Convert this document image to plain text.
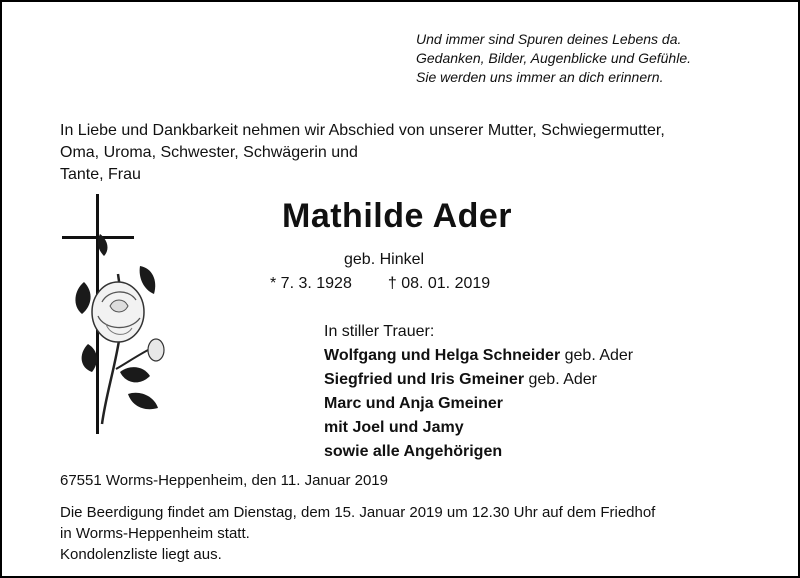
Und immer sind Spuren deines Lebens da.
Gedanken, Bilder, Augenblicke und Gefühle.
Sie werden uns immer an dich erinnern.
In Liebe und Dankbarkeit nehmen wir Abschied von unserer Mutter, Schwiegermutter,
Oma, Uroma, Schwester, Schwägerin und
Tante, Frau
Mathilde Ader
geb. Hinkel
* 7. 3. 1928 † 08. 01. 2019
In stiller Trauer:
Wolfgang und Helga Schneider geb. Ader
Siegfried und Iris Gmeiner geb. Ader
Marc und Anja Gmeiner
mit Joel und Jamy
sowie alle Angehörigen
67551 Worms-Heppenheim, den 11. Januar 2019
Die Beerdigung findet am Dienstag, dem 15. Januar 2019 um 12.30 Uhr auf dem Friedhof
in Worms-Heppenheim statt.
Kondolenzliste liegt aus.
